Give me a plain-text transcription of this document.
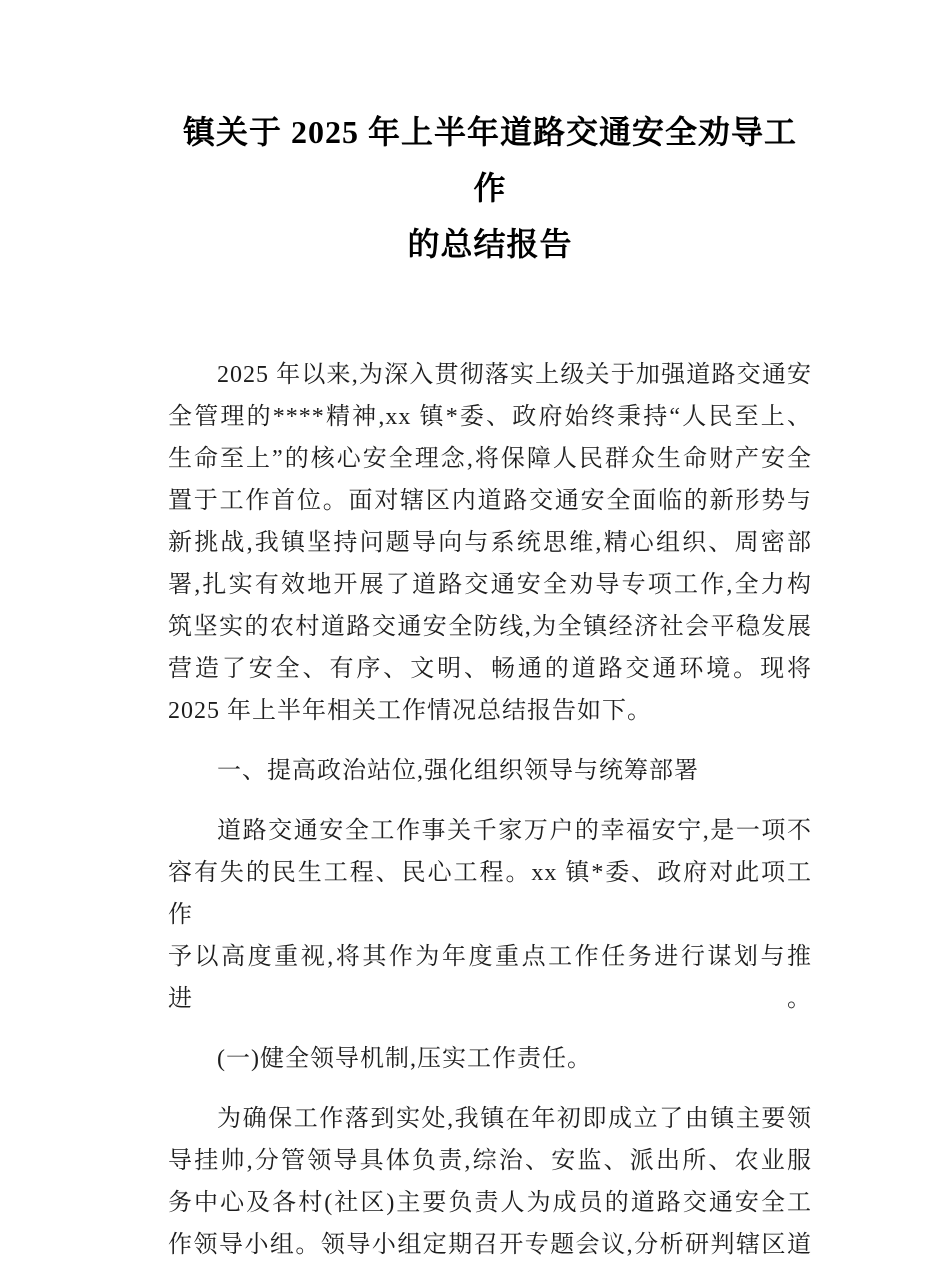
镇关于 2025 年上半年道路交通安全劝导工作
的总结报告
2025 年以来,为深入贯彻落实上级关于加强道路交通安
全管理的****精神,xx 镇*委、政府始终秉持“人民至上、
生命至上”的核心安全理念,将保障人民群众生命财产安全
置于工作首位。面对辖区内道路交通安全面临的新形势与
新挑战,我镇坚持问题导向与系统思维,精心组织、周密部
署,扎实有效地开展了道路交通安全劝导专项工作,全力构
筑坚实的农村道路交通安全防线,为全镇经济社会平稳发展
营造了安全、有序、文明、畅通的道路交通环境。现将
2025 年上半年相关工作情况总结报告如下。
一、提高政治站位,强化组织领导与统筹部署
道路交通安全工作事关千家万户的幸福安宁,是一项不
容有失的民生工程、民心工程。xx 镇*委、政府对此项工作
予以高度重视,将其作为年度重点工作任务进行谋划与推进。
(一)健全领导机制,压实工作责任。
为确保工作落到实处,我镇在年初即成立了由镇主要领
导挂帅,分管领导具体负责,综治、安监、派出所、农业服
务中心及各村(社区)主要负责人为成员的道路交通安全工
作领导小组。领导小组定期召开专题会议,分析研判辖区道
